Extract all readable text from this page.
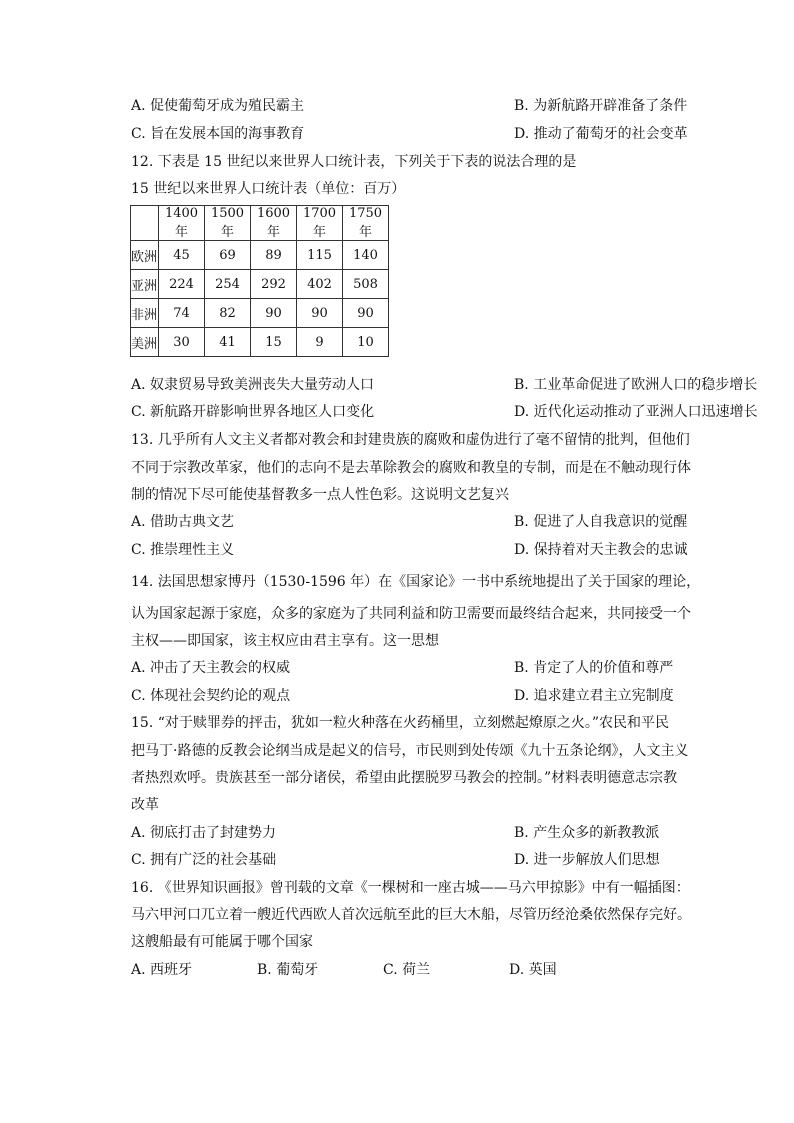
A. 促使葡萄牙成为殖民霸主	B. 为新航路开辟准备了条件
C. 旨在发展本国的海事教育	D. 推动了葡萄牙的社会变革
12. 下表是 15 世纪以来世界人口统计表，下列关于下表的说法合理的是
15 世纪以来世界人口统计表（单位：百万）
	1400 年	1500 年	1600 年	1700 年	1750 年
欧洲	45	69	89	115	140
亚洲	224	254	292	402	508
非洲	74	82	90	90	90
美洲	30	41	15	9	10
A. 奴隶贸易导致美洲丧失大量劳动人口	B. 工业革命促进了欧洲人口的稳步增长
C. 新航路开辟影响世界各地区人口变化	D. 近代化运动推动了亚洲人口迅速增长
13. 几乎所有人文主义者都对教会和封建贵族的腐败和虚伪进行了毫不留情的批判，但他们
不同于宗教改革家，他们的志向不是去革除教会的腐败和教皇的专制，而是在不触动现行体
制的情况下尽可能使基督教多一点人性色彩。这说明文艺复兴
A. 借助古典文艺	B. 促进了人自我意识的觉醒
C. 推崇理性主义	D. 保持着对天主教会的忠诚
14. 法国思想家博丹（1530-1596 年）在《国家论》一书中系统地提出了关于国家的理论，
认为国家起源于家庭，众多的家庭为了共同利益和防卫需要而最终结合起来，共同接受一个
主权——即国家，该主权应由君主享有。这一思想
A. 冲击了天主教会的权威	B. 肯定了人的价值和尊严
C. 体现社会契约论的观点	D. 追求建立君主立宪制度
15. “对于赎罪券的抨击，犹如一粒火种落在火药桶里，立刻燃起燎原之火。”农民和平民
把马丁·路德的反教会论纲当成是起义的信号，市民则到处传颂《九十五条论纲》，人文主义
者热烈欢呼。贵族甚至一部分诸侯，希望由此摆脱罗马教会的控制。”材料表明德意志宗教
改革
A. 彻底打击了封建势力	B. 产生众多的新教教派
C. 拥有广泛的社会基础	D. 进一步解放人们思想
16. 《世界知识画报》曾刊载的文章《一棵树和一座古城——马六甲掠影》中有一幅插图：
马六甲河口兀立着一艘近代西欧人首次远航至此的巨大木船，尽管历经沧桑依然保存完好。
这艘船最有可能属于哪个国家
A. 西班牙	B. 葡萄牙	C. 荷兰	D. 英国
